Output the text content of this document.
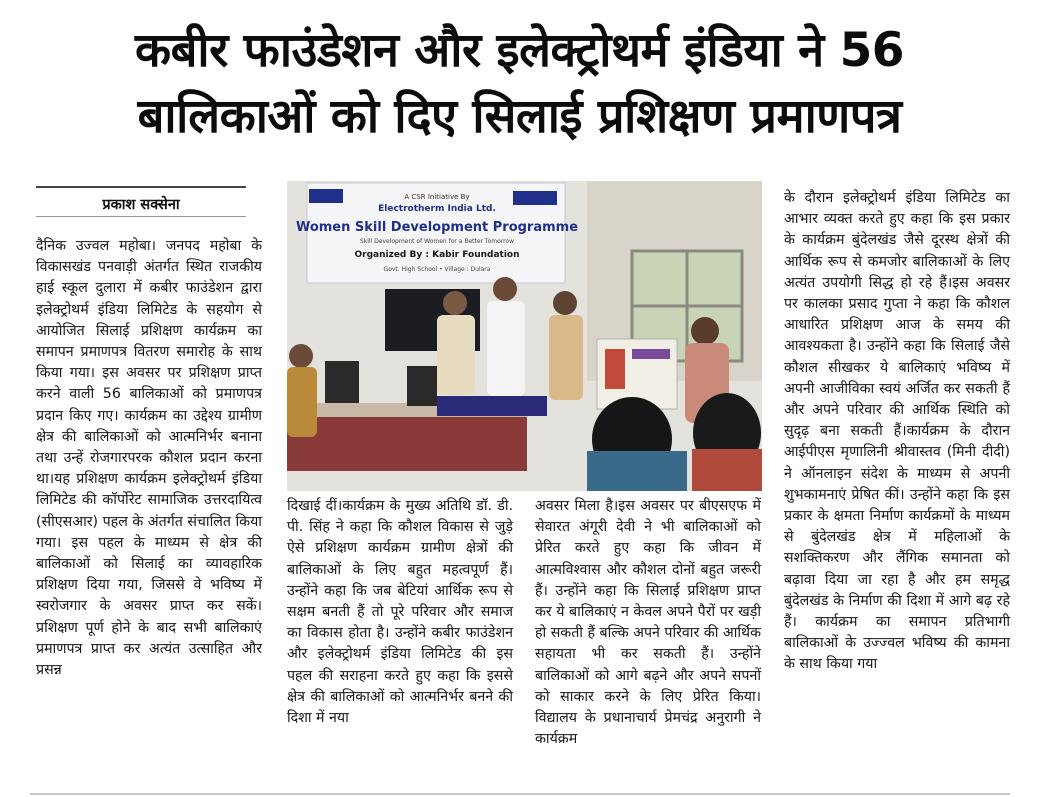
कबीर फाउंडेशन और इलेक्ट्रोथर्म इंडिया ने 56
बालिकाओं को दिए सिलाई प्रशिक्षण प्रमाणपत्र
प्रकाश सक्सेना

दैनिक उज्वल महोबा। जनपद महोबा के विकासखंड पनवाड़ी अंतर्गत स्थित राजकीय हाई स्कूल दुलारा में कबीर फाउंडेशन द्वारा इलेक्ट्रोथर्म इंडिया लिमिटेड के सहयोग से आयोजित सिलाई प्रशिक्षण कार्यक्रम का समापन प्रमाणपत्र वितरण समारोह के साथ किया गया। इस अवसर पर प्रशिक्षण प्राप्त करने वाली 56 बालिकाओं को प्रमाणपत्र प्रदान किए गए। कार्यक्रम का उद्देश्य ग्रामीण क्षेत्र की बालिकाओं को आत्मनिर्भर बनाना तथा उन्हें रोजगारपरक कौशल प्रदान करना था।यह प्रशिक्षण कार्यक्रम इलेक्ट्रोथर्म इंडिया लिमिटेड की कॉर्पोरेट सामाजिक उत्तरदायित्व (सीएसआर) पहल के अंतर्गत संचालित किया गया। इस पहल के माध्यम से क्षेत्र की बालिकाओं को सिलाई का व्यावहारिक प्रशिक्षण दिया गया, जिससे वे भविष्य में स्वरोजगार के अवसर प्राप्त कर सकें। प्रशिक्षण पूर्ण होने के बाद सभी बालिकाएं प्रमाणपत्र प्राप्त कर अत्यंत उत्साहित और प्रसन्न

A CSR Initiative By
Electrotherm India Ltd.
Women Skill Development Programme
Skill Development of Women for a Better Tomorrow
Organized By : Kabir Foundation
Govt. High School • Village : Dulara

दिखाई दीं।कार्यक्रम के मुख्य अतिथि डॉ. डी. पी. सिंह ने कहा कि कौशल विकास से जुड़े ऐसे प्रशिक्षण कार्यक्रम ग्रामीण क्षेत्रों की बालिकाओं के लिए बहुत महत्वपूर्ण हैं। उन्होंने कहा कि जब बेटियां आर्थिक रूप से सक्षम बनती हैं तो पूरे परिवार और समाज का विकास होता है। उन्होंने कबीर फाउंडेशन और इलेक्ट्रोथर्म इंडिया लिमिटेड की इस पहल की सराहना करते हुए कहा कि इससे क्षेत्र की बालिकाओं को आत्मनिर्भर बनने की दिशा में नया

अवसर मिला है।इस अवसर पर बीएसएफ में सेवारत अंगूरी देवी ने भी बालिकाओं को प्रेरित करते हुए कहा कि जीवन में आत्मविश्वास और कौशल दोनों बहुत जरूरी हैं। उन्होंने कहा कि सिलाई प्रशिक्षण प्राप्त कर ये बालिकाएं न केवल अपने पैरों पर खड़ी हो सकती हैं बल्कि अपने परिवार की आर्थिक सहायता भी कर सकती हैं। उन्होंने बालिकाओं को आगे बढ़ने और अपने सपनों को साकार करने के लिए प्रेरित किया।विद्यालय के प्रधानाचार्य प्रेमचंद्र अनुरागी ने कार्यक्रम

के दौरान इलेक्ट्रोथर्म इंडिया लिमिटेड का आभार व्यक्त करते हुए कहा कि इस प्रकार के कार्यक्रम बुंदेलखंड जैसे दूरस्थ क्षेत्रों की आर्थिक रूप से कमजोर बालिकाओं के लिए अत्यंत उपयोगी सिद्ध हो रहे हैं।इस अवसर पर कालका प्रसाद गुप्ता ने कहा कि कौशल आधारित प्रशिक्षण आज के समय की आवश्यकता है। उन्होंने कहा कि सिलाई जैसे कौशल सीखकर ये बालिकाएं भविष्य में अपनी आजीविका स्वयं अर्जित कर सकती हैं और अपने परिवार की आर्थिक स्थिति को सुदृढ़ बना सकती हैं।कार्यक्रम के दौरान आईपीएस मृणालिनी श्रीवास्तव (मिनी दीदी) ने ऑनलाइन संदेश के माध्यम से अपनी शुभकामनाएं प्रेषित कीं। उन्होंने कहा कि इस प्रकार के क्षमता निर्माण कार्यक्रमों के माध्यम से बुंदेलखंड क्षेत्र में महिलाओं के सशक्तिकरण और लैंगिक समानता को बढ़ावा दिया जा रहा है और हम समृद्ध बुंदेलखंड के निर्माण की दिशा में आगे बढ़ रहे हैं। कार्यक्रम का समापन प्रतिभागी बालिकाओं के उज्ज्वल भविष्य की कामना के साथ किया गया
